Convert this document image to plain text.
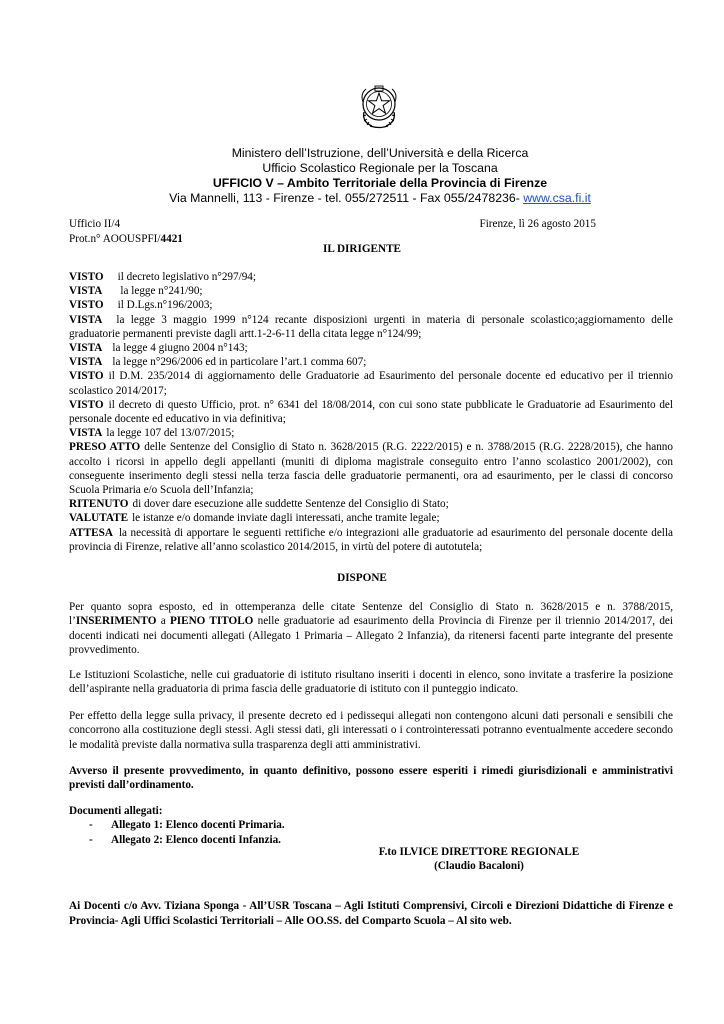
Ministero dell’Istruzione, dell’Università e della Ricerca
Ufficio Scolastico Regionale per la Toscana
UFFICIO V – Ambito Territoriale della Provincia di Firenze
Via Mannelli, 113 - Firenze - tel. 055/272511 - Fax 055/2478236- www.csa.fi.it
Ufficio II/4
Prot.n° AOOUSPFI/4421
Firenze, lì 26 agosto 2015
IL DIRIGENTE

VISTO il decreto legislativo n°297/94;

VISTA la legge n°241/90;

VISTO il D.Lgs.n°196/2003;

VISTA la legge 3 maggio 1999 n°124 recante disposizioni urgenti in materia di personale scolastico;aggiornamento delle graduatorie permanenti previste dagli artt.1-2-6-11 della citata legge n°124/99;

VISTA la legge 4 giugno 2004 n°143;

VISTA la legge n°296/2006 ed in particolare l’art.1 comma 607;

VISTO il D.M. 235/2014 di aggiornamento delle Graduatorie ad Esaurimento del personale docente ed educativo per il triennio scolastico 2014/2017;

VISTO il decreto di questo Ufficio, prot. n° 6341 del 18/08/2014, con cui sono state pubblicate le Graduatorie ad Esaurimento del personale docente ed educativo in via definitiva;

VISTA la legge 107 del 13/07/2015;

PRESO ATTO delle Sentenze del Consiglio di Stato n. 3628/2015 (R.G. 2222/2015) e n. 3788/2015 (R.G. 2228/2015), che hanno accolto i ricorsi in appello degli appellanti (muniti di diploma magistrale conseguito entro l’anno scolastico 2001/2002), con conseguente inserimento degli stessi nella terza fascia delle graduatorie permanenti, ora ad esaurimento, per le classi di concorso Scuola Primaria e/o Scuola dell’Infanzia;

RITENUTO di dover dare esecuzione alle suddette Sentenze del Consiglio di Stato;

VALUTATE le istanze e/o domande inviate dagli interessati, anche tramite legale;

ATTESA la necessità di apportare le seguenti rettifiche e/o integrazioni alle graduatorie ad esaurimento del personale docente della provincia di Firenze, relative all’anno scolastico 2014/2015, in virtù del potere di autotutela;

DISPONE

Per quanto sopra esposto, ed in ottemperanza delle citate Sentenze del Consiglio di Stato n. 3628/2015 e n. 3788/2015, l’INSERIMENTO a PIENO TITOLO nelle graduatorie ad esaurimento della Provincia di Firenze per il triennio 2014/2017, dei docenti indicati nei documenti allegati (Allegato 1 Primaria – Allegato 2 Infanzia), da ritenersi facenti parte integrante del presente provvedimento.

Le Istituzioni Scolastiche, nelle cui graduatorie di istituto risultano inseriti i docenti in elenco, sono invitate a trasferire la posizione dell’aspirante nella graduatoria di prima fascia delle graduatorie di istituto con il punteggio indicato.

Per effetto della legge sulla privacy, il presente decreto ed i pedissequi allegati non contengono alcuni dati personali e sensibili che concorrono alla costituzione degli stessi. Agli stessi dati, gli interessati o i controinteressati potranno eventualmente accedere secondo le modalità previste dalla normativa sulla trasparenza degli atti amministrativi.

Avverso il presente provvedimento, in quanto definitivo, possono essere esperiti i rimedi giurisdizionali e amministrativi previsti dall’ordinamento.

Documenti allegati:
- Allegato 1: Elenco docenti Primaria.
- Allegato 2: Elenco docenti Infanzia.
F.to ILVICE DIRETTORE REGIONALE
(Claudio Bacaloni)

Ai Docenti c/o Avv. Tiziana Sponga - All’USR Toscana – Agli Istituti Comprensivi, Circoli e Direzioni Didattiche di Firenze e Provincia- Agli Uffici Scolastici Territoriali – Alle OO.SS. del Comparto Scuola – Al sito web.
